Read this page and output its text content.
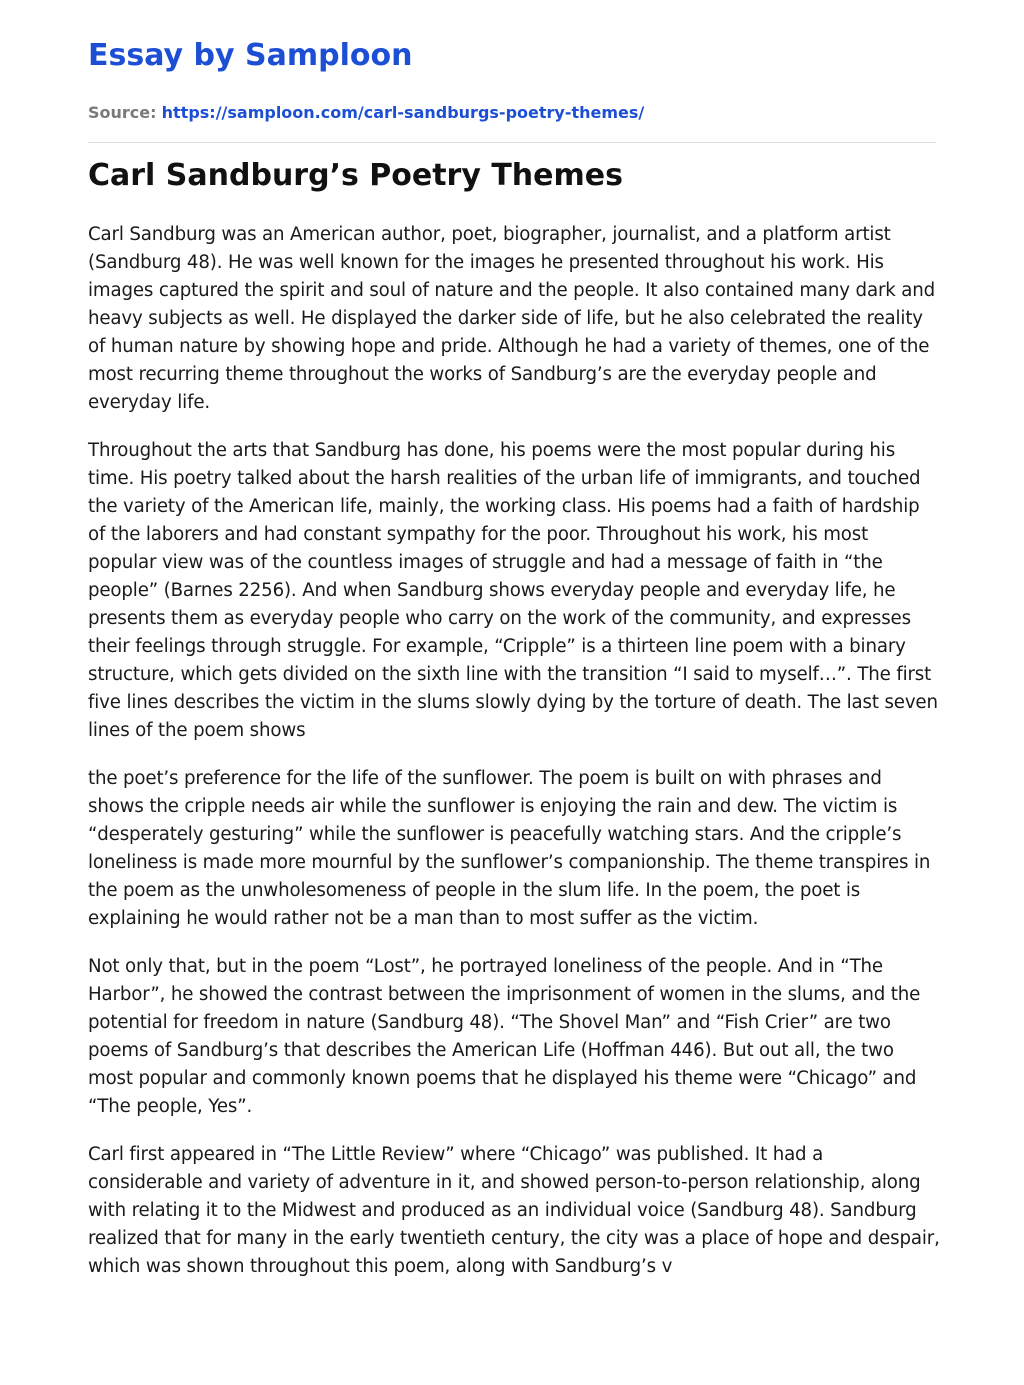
Essay by Samploon
Source: https://samploon.com/carl-sandburgs-poetry-themes/
Carl Sandburg’s Poetry Themes

Carl Sandburg was an American author, poet, biographer, journalist, and a platform artist (Sandburg 48). He was well known for the images he presented throughout his work. His images captured the spirit and soul of nature and the people. It also contained many dark and heavy subjects as well. He displayed the darker side of life, but he also celebrated the reality of human nature by showing hope and pride. Although he had a variety of themes, one of the most recurring theme throughout the works of Sandburg’s are the everyday people and everyday life.

Throughout the arts that Sandburg has done, his poems were the most popular during his time. His poetry talked about the harsh realities of the urban life of immigrants, and touched the variety of the American life, mainly, the working class. His poems had a faith of hardship of the laborers and had constant sympathy for the poor. Throughout his work, his most popular view was of the countless images of struggle and had a message of faith in “the people” (Barnes 2256). And when Sandburg shows everyday people and everyday life, he presents them as everyday people who carry on the work of the community, and expresses their feelings through struggle. For example, “Cripple” is a thirteen line poem with a binary structure, which gets divided on the sixth line with the transition “I said to myself…”. The first five lines describes the victim in the slums slowly dying by the torture of death. The last seven lines of the poem shows

the poet’s preference for the life of the sunflower. The poem is built on with phrases and shows the cripple needs air while the sunflower is enjoying the rain and dew. The victim is “desperately gesturing” while the sunflower is peacefully watching stars. And the cripple’s loneliness is made more mournful by the sunflower’s companionship. The theme transpires in the poem as the unwholesomeness of people in the slum life. In the poem, the poet is explaining he would rather not be a man than to most suffer as the victim.

Not only that, but in the poem “Lost”, he portrayed loneliness of the people. And in “The Harbor”, he showed the contrast between the imprisonment of women in the slums, and the potential for freedom in nature (Sandburg 48). “The Shovel Man” and “Fish Crier” are two poems of Sandburg’s that describes the American Life (Hoffman 446). But out all, the two most popular and commonly known poems that he displayed his theme were “Chicago” and “The people, Yes”.

Carl first appeared in “The Little Review” where “Chicago” was published. It had a considerable and variety of adventure in it, and showed person-to-person relationship, along with relating it to the Midwest and produced as an individual voice (Sandburg 48). Sandburg realized that for many in the early twentieth century, the city was a place of hope and despair, which was shown throughout this poem, along with Sandburg’s v
